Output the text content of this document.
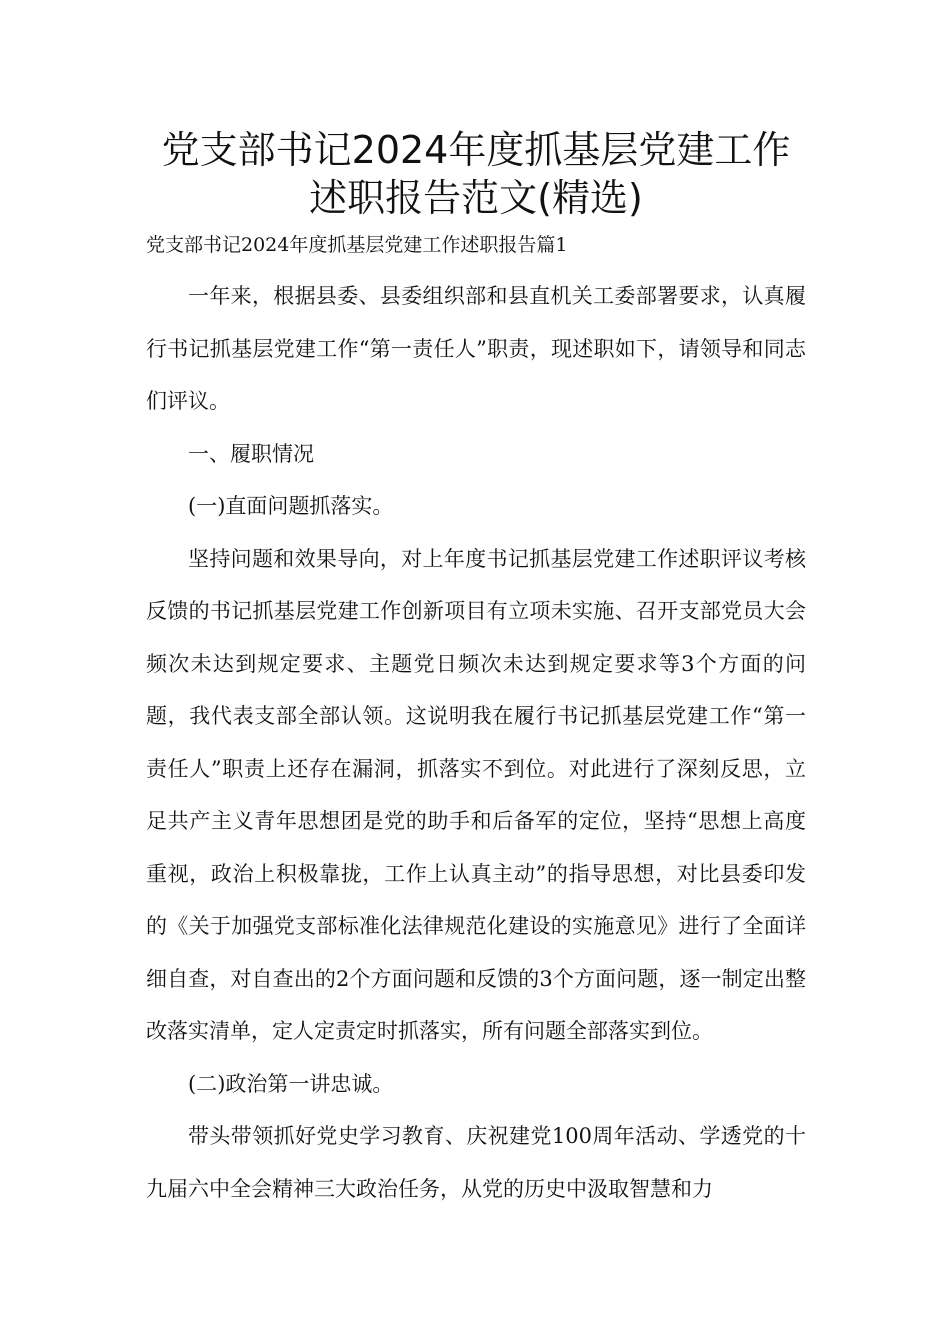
党支部书记2024年度抓基层党建工作
述职报告范文(精选)

党支部书记2024年度抓基层党建工作述职报告篇1

一年来，根据县委、县委组织部和县直机关工委部署要求，认真履行书记抓基层党建工作“第一责任人”职责，现述职如下，请领导和同志们评议。

一、履职情况

(一)直面问题抓落实。

坚持问题和效果导向，对上年度书记抓基层党建工作述职评议考核反馈的书记抓基层党建工作创新项目有立项未实施、召开支部党员大会频次未达到规定要求、主题党日频次未达到规定要求等3个方面的问题，我代表支部全部认领。这说明我在履行书记抓基层党建工作“第一责任人”职责上还存在漏洞，抓落实不到位。对此进行了深刻反思，立足共产主义青年思想团是党的助手和后备军的定位，坚持“思想上高度重视，政治上积极靠拢，工作上认真主动”的指导思想，对比县委印发的《关于加强党支部标准化法律规范化建设的实施意见》进行了全面详细自查，对自查出的2个方面问题和反馈的3个方面问题，逐一制定出整改落实清单，定人定责定时抓落实，所有问题全部落实到位。

(二)政治第一讲忠诚。

带头带领抓好党史学习教育、庆祝建党100周年活动、学透党的十九届六中全会精神三大政治任务，从党的历史中汲取智慧和力
